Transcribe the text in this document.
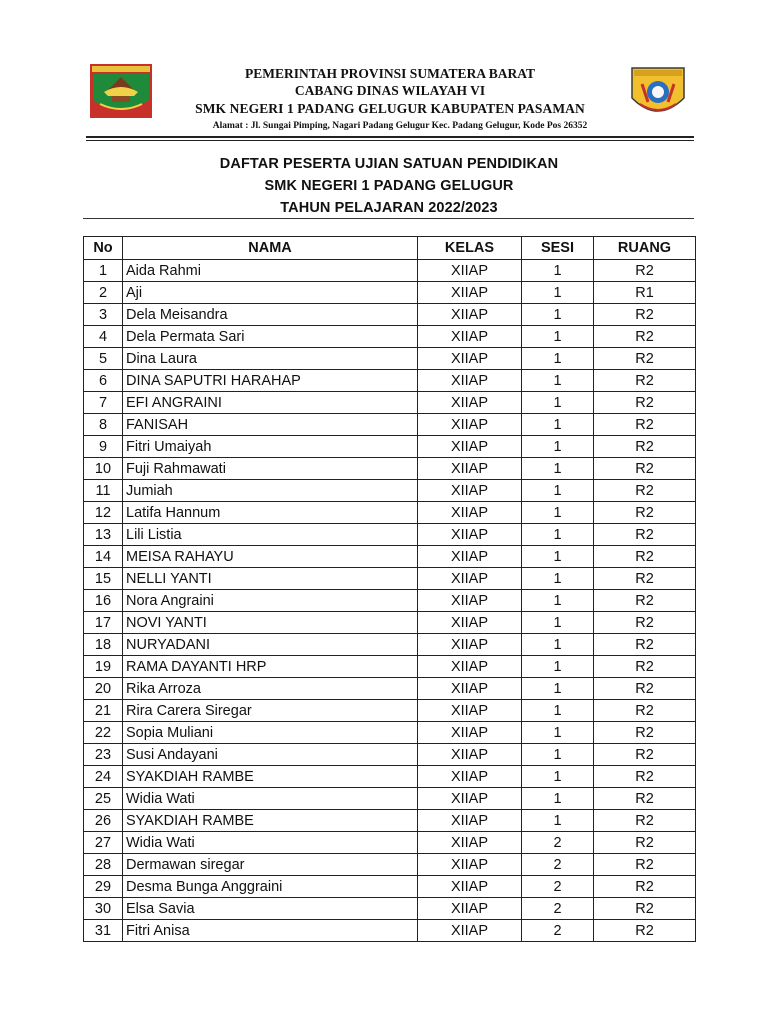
PEMERINTAH PROVINSI SUMATERA BARAT
CABANG DINAS WILAYAH VI
SMK NEGERI 1 PADANG GELUGUR KABUPATEN PASAMAN
Alamat : Jl. Sungai Pimping, Nagari Padang Gelugur Kec. Padang Gelugur, Kode Pos 26352
DAFTAR PESERTA UJIAN SATUAN PENDIDIKAN
SMK NEGERI 1 PADANG GELUGUR
TAHUN PELAJARAN 2022/2023
No	NAMA	KELAS	SESI	RUANG
1	Aida Rahmi	XIIAP	1	R2
2	Aji	XIIAP	1	R1
3	Dela Meisandra	XIIAP	1	R2
4	Dela Permata Sari	XIIAP	1	R2
5	Dina Laura	XIIAP	1	R2
6	DINA SAPUTRI HARAHAP	XIIAP	1	R2
7	EFI ANGRAINI	XIIAP	1	R2
8	FANISAH	XIIAP	1	R2
9	Fitri Umaiyah	XIIAP	1	R2
10	Fuji Rahmawati	XIIAP	1	R2
11	Jumiah	XIIAP	1	R2
12	Latifa Hannum	XIIAP	1	R2
13	Lili Listia	XIIAP	1	R2
14	MEISA RAHAYU	XIIAP	1	R2
15	NELLI YANTI	XIIAP	1	R2
16	Nora Angraini	XIIAP	1	R2
17	NOVI YANTI	XIIAP	1	R2
18	NURYADANI	XIIAP	1	R2
19	RAMA DAYANTI HRP	XIIAP	1	R2
20	Rika Arroza	XIIAP	1	R2
21	Rira Carera Siregar	XIIAP	1	R2
22	Sopia Muliani	XIIAP	1	R2
23	Susi Andayani	XIIAP	1	R2
24	SYAKDIAH RAMBE	XIIAP	1	R2
25	Widia Wati	XIIAP	1	R2
26	SYAKDIAH RAMBE	XIIAP	1	R2
27	Widia Wati	XIIAP	2	R2
28	Dermawan siregar	XIIAP	2	R2
29	Desma Bunga Anggraini	XIIAP	2	R2
30	Elsa Savia	XIIAP	2	R2
31	Fitri Anisa	XIIAP	2	R2
